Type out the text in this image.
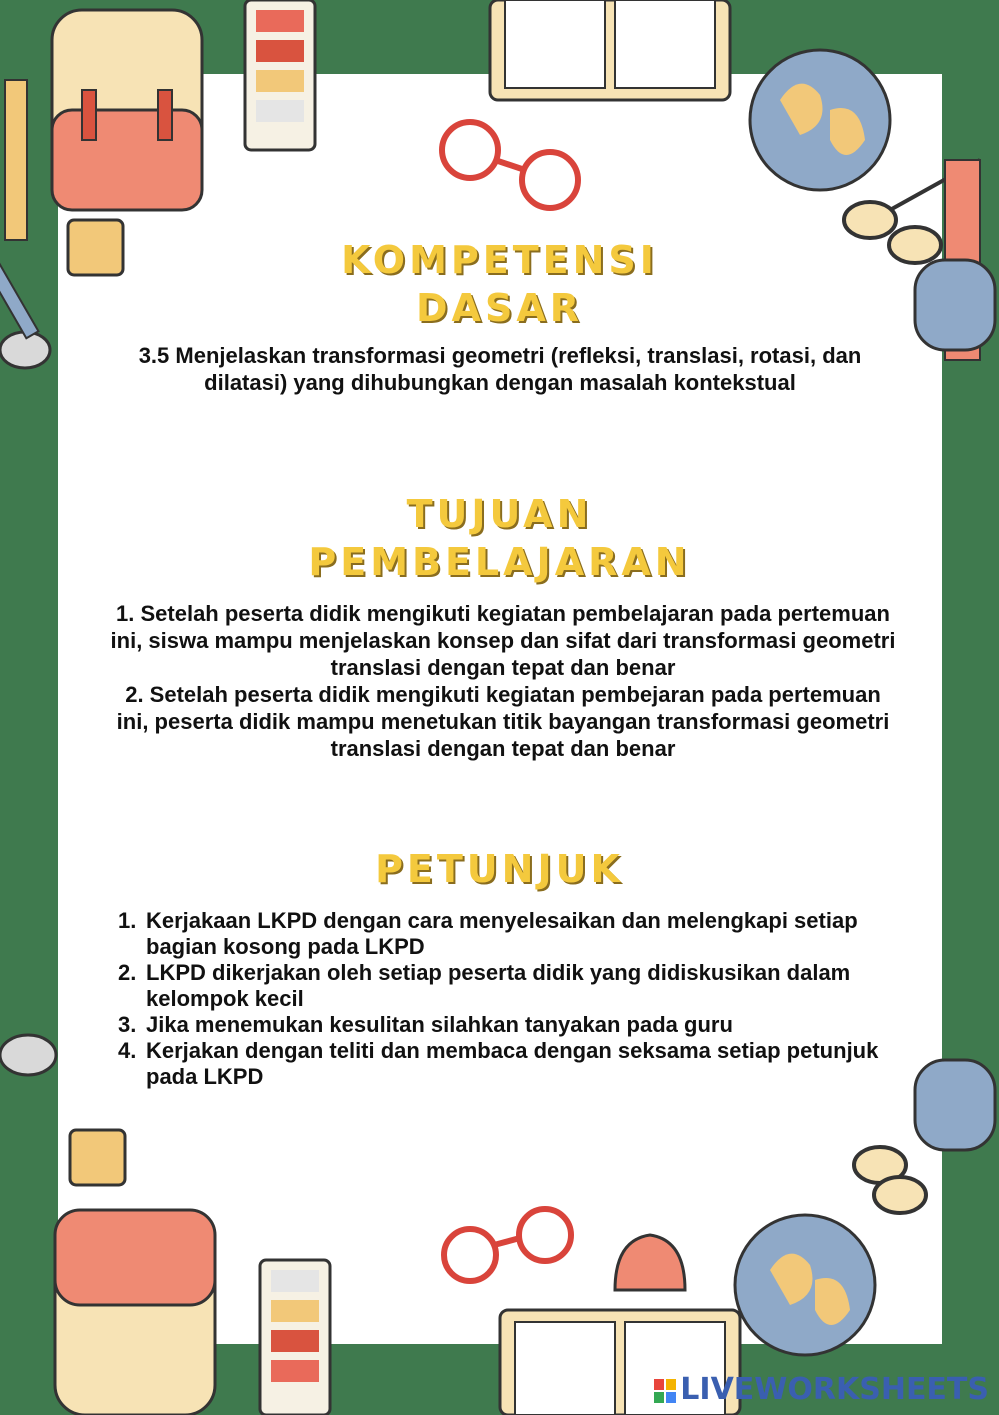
KOMPETENSI
DASAR
3.5 Menjelaskan transformasi geometri (refleksi, translasi, rotasi, dan dilatasi) yang dihubungkan dengan masalah kontekstual
TUJUAN
PEMBELAJARAN
1. Setelah peserta didik mengikuti kegiatan pembelajaran pada pertemuan ini, siswa mampu menjelaskan konsep dan sifat dari transformasi geometri translasi dengan tepat dan benar
2. Setelah peserta didik mengikuti kegiatan pembejaran pada pertemuan ini, peserta didik mampu menetukan titik bayangan transformasi geometri translasi dengan tepat dan benar
PETUNJUK
1. Kerjakaan LKPD dengan cara menyelesaikan dan melengkapi setiap bagian kosong pada LKPD
2. LKPD dikerjakan oleh setiap peserta didik yang didiskusikan dalam kelompok kecil
3. Jika menemukan kesulitan silahkan tanyakan pada guru
4. Kerjakan dengan teliti dan membaca dengan seksama setiap petunjuk pada LKPD
LIVEWORKSHEETS
